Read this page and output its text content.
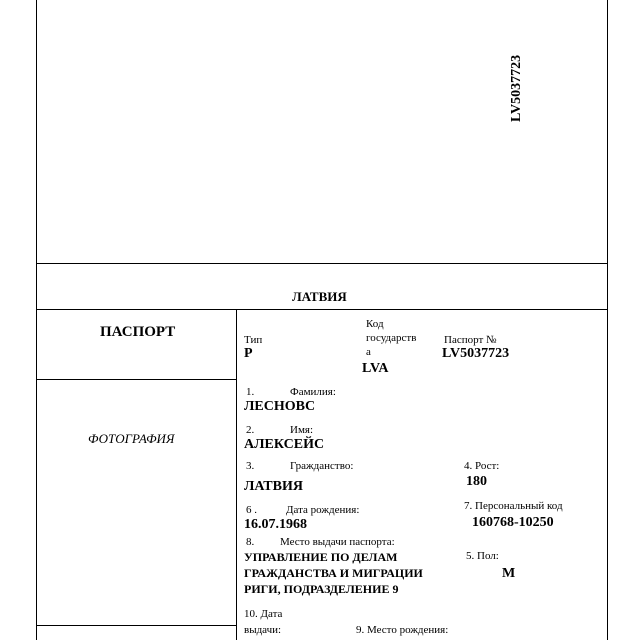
LV5037723
ЛАТВИЯ
ПАСПОРТ
ФОТОГРАФИЯ
Тип
P
Код
государств
а
LVA
Паспорт №
LV5037723
1.	Фамилия:
ЛЕСНОВС
2.	Имя:
АЛЕКСЕЙС
3.	Гражданство:
ЛАТВИЯ
4. Рост:
180
6 .	Дата рождения:
16.07.1968
7. Персональный код
160768-10250
8. Место выдачи паспорта:
УПРАВЛЕНИЕ ПО ДЕЛАМ
ГРАЖДАНСТВА И МИГРАЦИИ
РИГИ, ПОДРАЗДЕЛЕНИЕ 9
5. Пол:
М
10. Дата
выдачи:	9. Место рождения:
